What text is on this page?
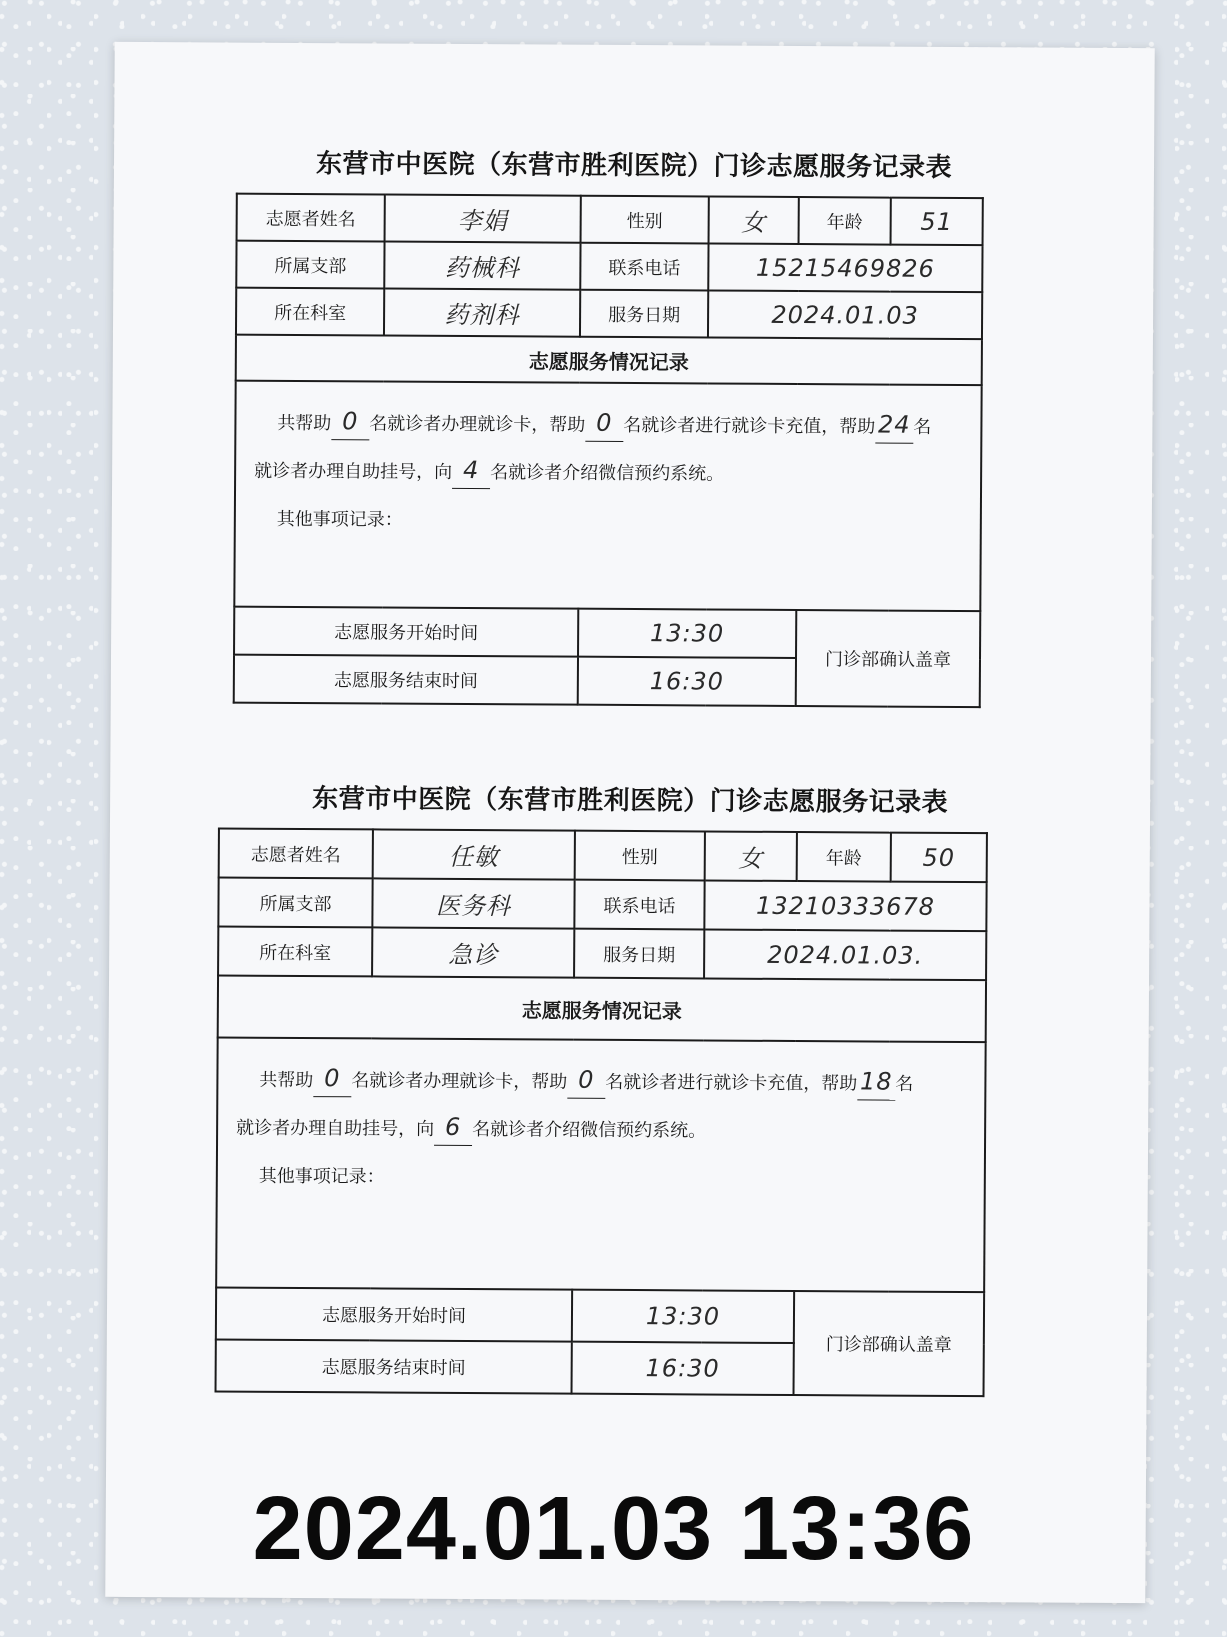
东营市中医院（东营市胜利医院）门诊志愿服务记录表
志愿者姓名	李娟	性别	女	年龄	51
所属支部	药械科	联系电话	15215469826		
所在科室	药剂科	服务日期	2024.01.03		
志愿服务情况记录					

共帮助 0 名就诊者办理就诊卡，帮助 0 名就诊者进行就诊卡充值，帮助 24 名
就诊者办理自助挂号，向 4 名就诊者介绍微信预约系统。
其他事项记录：					

志愿服务开始时间		13:30		门诊部确认盖章	
志愿服务结束时间		16:30			
东营市中医院（东营市胜利医院）门诊志愿服务记录表
志愿者姓名	任敏	性别	女	年龄	50
所属支部	医务科	联系电话	13210333678		
所在科室	急诊	服务日期	2024.01.03.		
志愿服务情况记录					

共帮助 0 名就诊者办理就诊卡，帮助 0 名就诊者进行就诊卡充值，帮助 18 名
就诊者办理自助挂号，向 6 名就诊者介绍微信预约系统。
其他事项记录：					

志愿服务开始时间		13:30		门诊部确认盖章	
志愿服务结束时间		16:30			
2024.01.03 13:36
